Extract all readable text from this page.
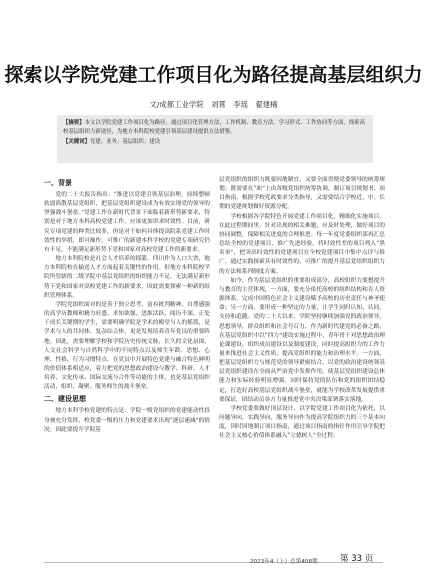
探索以学院党建工作项目化为路径提高基层组织力
文/成都工业学院　刘霄　李瑶　翟建楠
【摘要】本文以学院党建工作项目化为路径，通过项目化管理方法，工作机制、教育方法、学习形式、工作协同等方面，探索高校基层组织力新途径，为地方本科院校党建引领基层建设提供方法借鉴。
【关键词】党建；业务；基层组织；建设
一、背景

党的二十大报告指出：“推进以党建引领基层治理，持续整顿软弱涣散基层党组织，把基层党组织建设成为有效实现党的领导的坚强战斗堡垒。”党建工作在新时代背景下面临着新形势新要求，特别是对于地方本科高校党建工作，应该更加讲求时效性。目前，研究专项党建的种类比较多，但是对于如何具体提高院系党建工作时效性的举措，即可操作，可推广的新建本科学校的党建专项研究仍有不足，不能满足新形势下党和国家对高校党建工作的新要求。

地方本科院校是社会人才培养的摇篮，四川作为人口大省，地方本科院校在输送人才方面起着关键性的作用。但地方本科院校学院所管辖的二级学院中基层党组织的组织能力不足，无法满足新形势下党和国家对高校党建工作的新要求，因此需要探索一种新的组织管理体系。

学院党组织面对的是善于独立思考、富有批判精神、自尊感强的高学历教师和精力旺盛、求知欲强、思维活跃、阅历不深、正处于成长关键期的学生，需要明确学院是学术的殿堂与人的摇篮，是学术与人的共同体、复杂综合体，更是发现培养青年党员的重要阵地。因此，需要理解学校和学院历史传统文脉，长久的文化氛围，人文社会科学与自然科学中的不同特点以及师生年龄、思想、心理、性格、行为习惯特点，在党员中开展特色党建与融合特色鲜明的价值体系相适应，着力把党的思想政治建设与教学、科研、人才培养、文化传承、国际交流与合作等功能的主体，也是基层党组织活动、组织、凝聚、服务师生的战斗堡垒。

二、建设思想

地方本科学校党建的特点是：学院一级党组织的党建能动性投身被充分发挥，校党委一级的压力和党建要求出现“逐层递减”的情况；因此要提升学院基

层党组织的组织力既要因地制宜，又要全面贯彻党委领导的统筹规划；既需要在“面”上由各级党组织统筹协调，制订项目规划书、项目指南、根据学校党政要求分类指导，又需要结合学校近、中、长期的党建规划做好资源分配。

学校根据各学院特色开展党建工作项目化，精细化实施项目，在此过程期间里，针对出现的相关难题，应及时处理，做好项目的协同调整，保障相关进度的合理推进。每一年度党委组织部再汇总总结全校的党建项目，推广先进经验，将时效性差的项目列入“黑名单”，把突出时效性的党建项目在全校党建项目中集中点评与推广。通过实践探索具有时效性的、可推广的提升基层党组织组织力的方法和系列制度方案。

如今，作为基层党组织的重要组成部分，高校组织力要想提升与教育的主营体现，一方面，要充分依托高校的组织结构和育人资源体系，完成中国特色社会主义建设赋予高校的历史责任与神圣使命；另一方面，要形成一种坚定的力量，让学生同时认知、认同、支持和追随。党的二十大以来，学院坚持继续加强党的政治领导、思想领导，群众组织和社会号召力，作为新时代建党的必备之路，在基层党组织中以“四力”建设实施过程中，青年骨干对思想政治理论课建设、组织成员建设以及制度建设，同时提高组织力的工作力量来推进社会主义性质，提高党组织的能力和治理水平。一方面，把基层党组织力与规范党的领导紧密结合，以党的政治建设统领基层党组织建设在全面从严治党中发挥作用，使基层党组织建设总体能力和实际经验明显增强，同时保持党的队伍和党的组织团结稳定，打造好高校基层党组织战斗堡垒，就能为学校改革发展提供重要保证，团结动员各方力量推进党中央决策部署落实落地。

学校党委要做好顶层设计，以学院党建工作项目化为依托，以问题导向、实践导向、服务导向作为提高学院组织力的三个基本向度，因时因地制订项目指南，通过项目指南的指针作用引导学院把社会主义核心价值体系融入“立德树人”全过程。

2023年4（上）总第408期	第 33 页
